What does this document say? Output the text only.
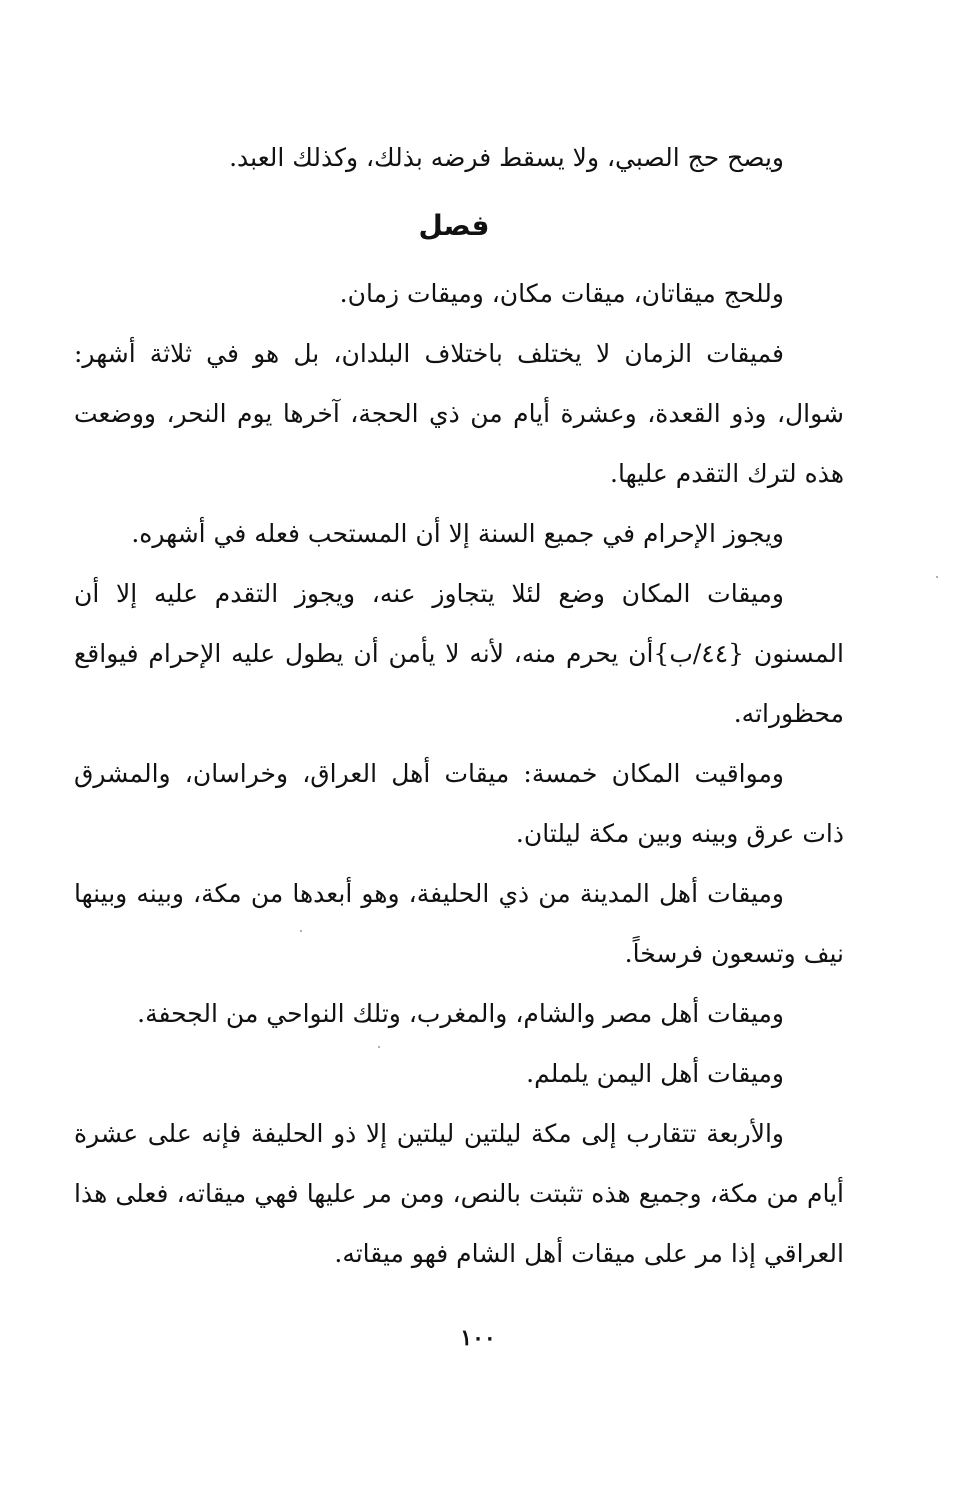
ويصح حج الصبي، ولا يسقط فرضه بذلك، وكذلك العبد.

فصل

وللحج ميقاتان، ميقات مكان، وميقات زمان.

فميقات الزمان لا يختلف باختلاف البلدان، بل هو في ثلاثة أشهر: شوال، وذو القعدة، وعشرة أيام من ذي الحجة، آخرها يوم النحر، ووضعت هذه لترك التقدم عليها.

ويجوز الإحرام في جميع السنة إلا أن المستحب فعله في أشهره.

وميقات المكان وضع لئلا يتجاوز عنه، ويجوز التقدم عليه إلا أن المسنون {٤٤/ب}أن يحرم منه، لأنه لا يأمن أن يطول عليه الإحرام فيواقع محظوراته.

ومواقيت المكان خمسة: ميقات أهل العراق، وخراسان، والمشرق ذات عرق وبينه وبين مكة ليلتان.

وميقات أهل المدينة من ذي الحليفة، وهو أبعدها من مكة، وبينه وبينها نيف وتسعون فرسخاً.

وميقات أهل مصر والشام، والمغرب، وتلك النواحي من الجحفة.

وميقات أهل اليمن يلملم.

والأربعة تتقارب إلى مكة ليلتين ليلتين إلا ذو الحليفة فإنه على عشرة أيام من مكة، وجميع هذه تثبتت بالنص، ومن مر عليها فهي ميقاته، فعلى هذا العراقي إذا مر على ميقات أهل الشام فهو ميقاته.

١٠٠
